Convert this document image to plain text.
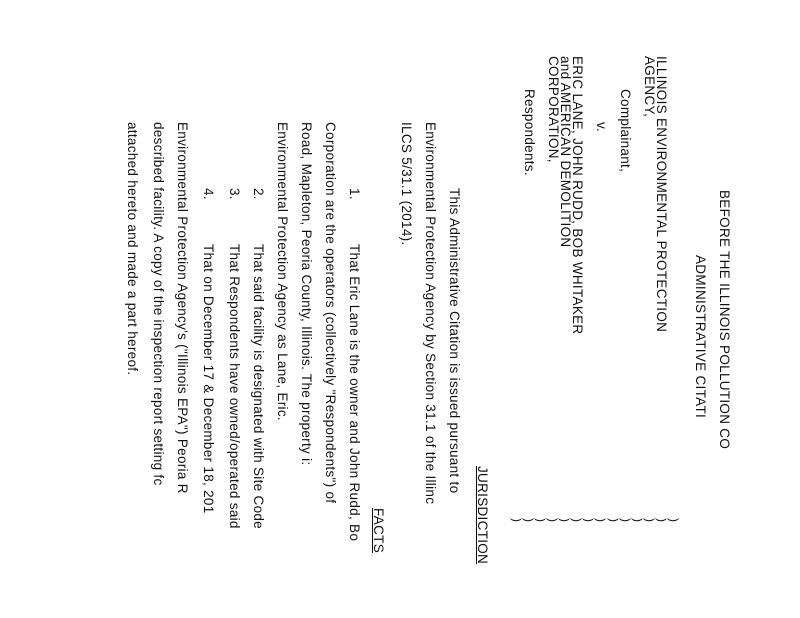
BEFORE THE ILLINOIS POLLUTION CO
ADMINISTRATIVE CITATI
ILLINOIS ENVIRONMENTAL PROTECTION
AGENCY,
Complainant,
v.
ERIC LANE, JOHN RUDD, BOB WHITAKER
and AMERICAN DEMOLITION
CORPORATION,
Respondents.
)
)
)
)
)
)
)
)
)
)
)
)
)
)
JURISDICTION
This Administrative Citation is issued pursuant to
Environmental Protection Agency by Section 31.1 of the Illinc
ILCS 5/31.1 (2014).
FACTS
1.
That Eric Lane is the owner and John Rudd, Bo
Corporation are the operators (collectively "Respondents") of
Road, Mapleton, Peoria County, Illinois. The property i:
Environmental Protection Agency as Lane, Eric.
2.
That said facility is designated with Site Code
3.
That Respondents have owned/operated said
4.
That on December 17 & December 18, 201
Environmental Protection Agency's ("Illinois EPA") Peoria R
described facility. A copy of the inspection report setting fc
attached hereto and made a part hereof.
